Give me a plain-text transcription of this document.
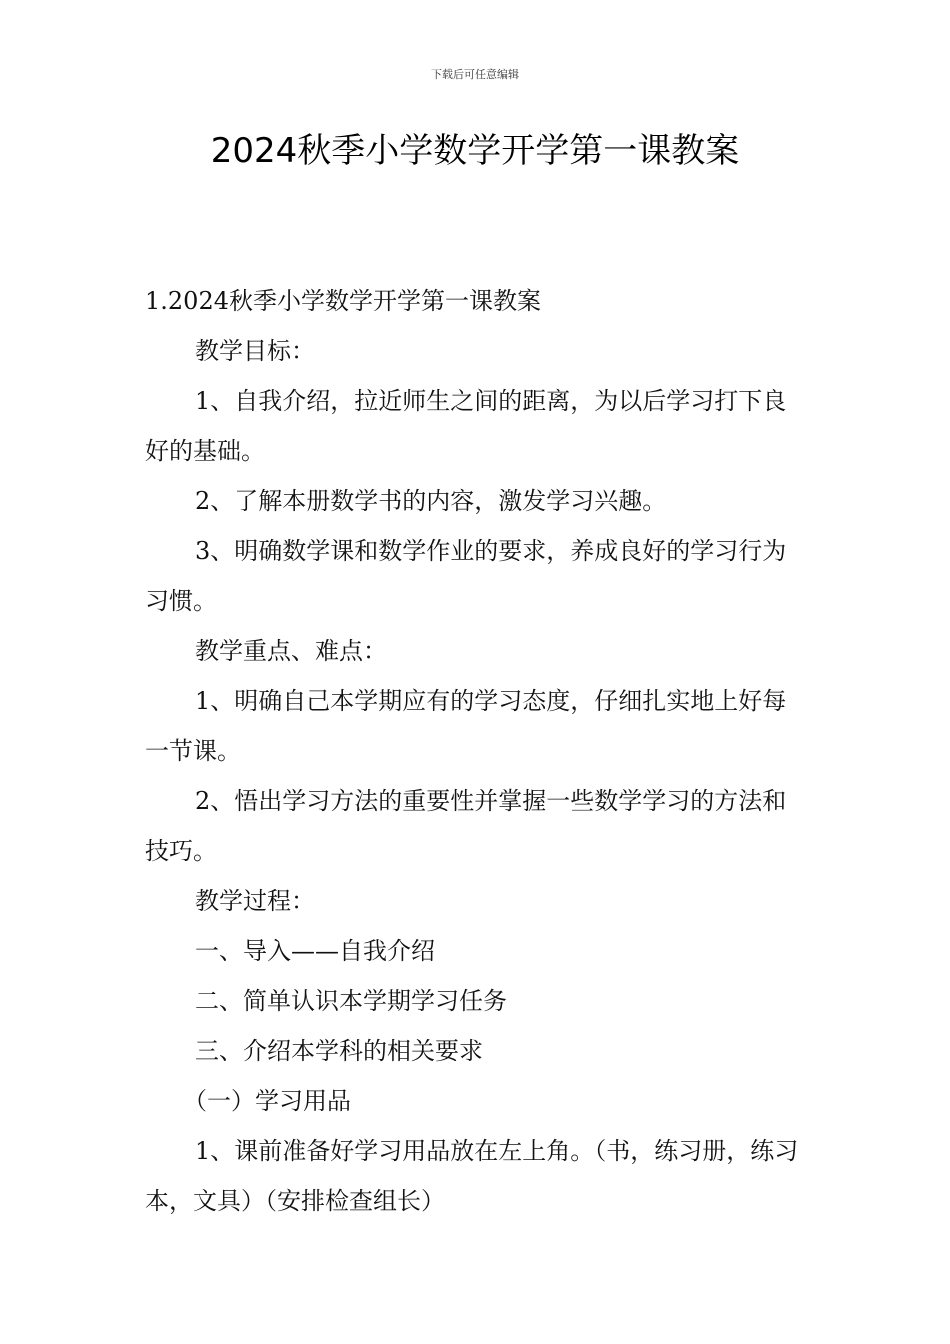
下载后可任意编辑
2024秋季小学数学开学第一课教案

1.2024秋季小学数学开学第一课教案

教学目标：

1、自我介绍，拉近师生之间的距离，为以后学习打下良好的基础。

2、了解本册数学书的内容，激发学习兴趣。

3、明确数学课和数学作业的要求，养成良好的学习行为习惯。

教学重点、难点：

1、明确自己本学期应有的学习态度，仔细扎实地上好每一节课。

2、悟出学习方法的重要性并掌握一些数学学习的方法和技巧。

教学过程：

一、导入——自我介绍

二、简单认识本学期学习任务

三、介绍本学科的相关要求

（一）学习用品

1、课前准备好学习用品放在左上角。（书，练习册，练习本，文具）（安排检查组长）
